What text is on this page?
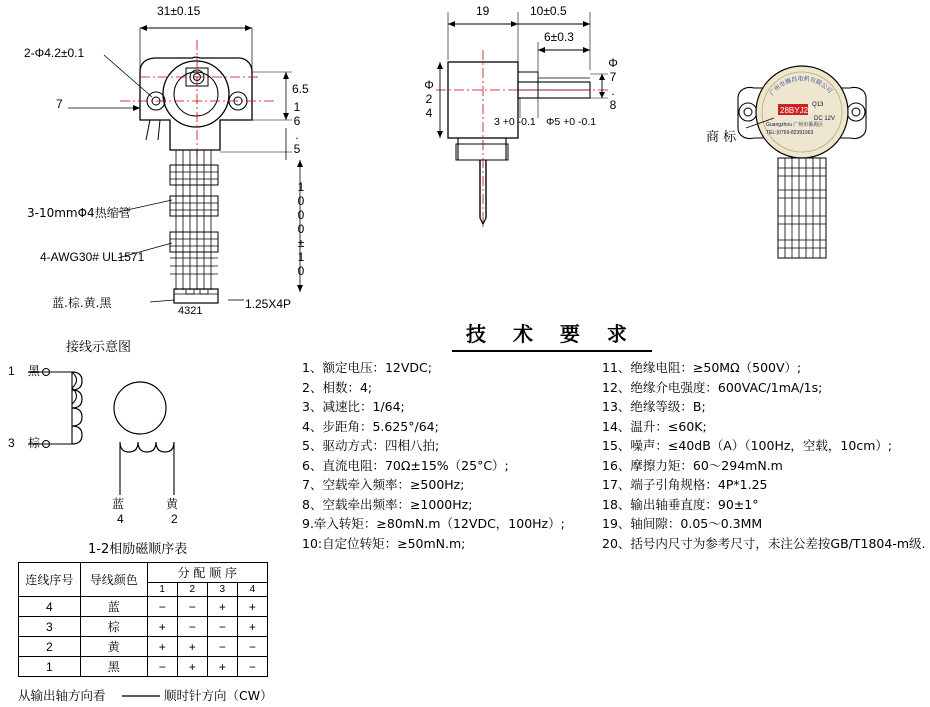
31±0.15
2-Φ4.2±0.1
7
6.5
16.5
1000±10
3-10mmΦ4热缩管
4-AWG30# UL1571
蓝.棕.黄.黑	1.25X4P
4321
19	10±0.5
6±0.3
Φ24	Φ7.8
3 +0 -0.1 Φ5 +0 -0.1
广州市德昌电机有限公司
28BYJ28
Q13
Guangzhou 广州市番禺区
TEL:(0769-82391963
DC 12V
商 标
接线示意图
1 黑
3 棕
蓝
4
黄
2
1-2相励磁顺序表
连线序号	导线颜色	分 配 顺 序			
		1	2	3	4
4	蓝	−	−	+	+
3	棕	+	−	−	+
2	黄	+	+	−	−
1	黑	−	+	+	−
从输出轴方向看	顺时针方向（CW）
技 术 要 求
1、额定电压：12VDC;
2、相数：4;
3、减速比：1/64;
4、步距角：5.625°/64;
5、驱动方式：四相八拍;
6、直流电阻：70Ω±15%（25°C）;
7、空载牵入频率：≥500Hz;
8、空载牵出频率：≥1000Hz;
9.牵入转矩：≥80mN.m（12VDC，100Hz）;
10:自定位转矩：≥50mN.m;
11、绝缘电阻：≥50MΩ（500V）;
12、绝缘介电强度：600VAC/1mA/1s;
13、绝缘等级：B;
14、温升：≤60K;
15、噪声：≤40dB（A）（100Hz，空载，10cm）;
16、摩擦力矩：60～294mN.m
17、端子引角规格：4P*1.25
18、输出轴垂直度：90±1°
19、轴间隙：0.05～0.3MM
20、括号内尺寸为参考尺寸，未注公差按GB/T1804-m级.
